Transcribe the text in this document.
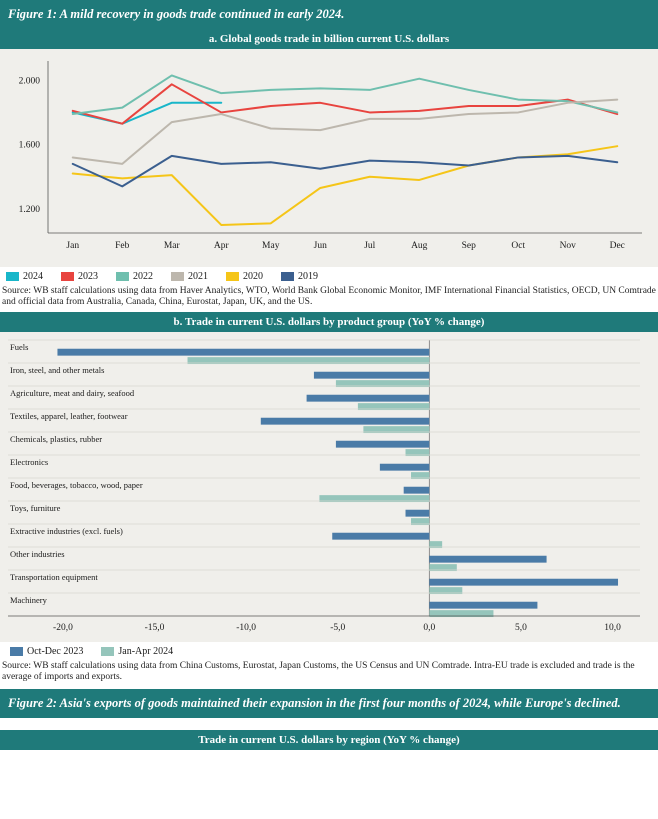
Figure 1: A mild recovery in goods trade continued in early 2024.
a. Global goods trade in billion current U.S. dollars
1.200
1.600
2.000
Jan	Feb	Mar	Apr	May	Jun	Jul	Aug	Sep	Oct	Nov	Dec
2024	2023	2022	2021	2020	2019
Source: WB staff calculations using data from Haver Analytics, WTO, World Bank Global Economic Monitor, IMF International Financial Statistics, OECD, UN Comtrade and official data from Australia, Canada, China, Eurostat, Japan, UK, and the US.
b. Trade in current U.S. dollars by product group (YoY % change)
Fuels
Iron, steel, and other metals
Agriculture, meat and dairy, seafood
Textiles, apparel, leather, footwear
Chemicals, plastics, rubber
Electronics
Food, beverages, tobacco, wood, paper
Toys, furniture
Extractive industries (excl. fuels)
Other industries
Transportation equipment
Machinery
-20,0	-15,0	-10,0	-5,0	0,0	5,0	10,0
Oct-Dec 2023	Jan-Apr 2024
Source: WB staff calculations using data from China Customs, Eurostat, Japan Customs, the US Census and UN Comtrade. Intra-EU trade is excluded and trade is the average of imports and exports.
Figure 2: Asia's exports of goods maintained their expansion in the first four months of 2024, while Europe's declined.
Trade in current U.S. dollars by region (YoY % change)
